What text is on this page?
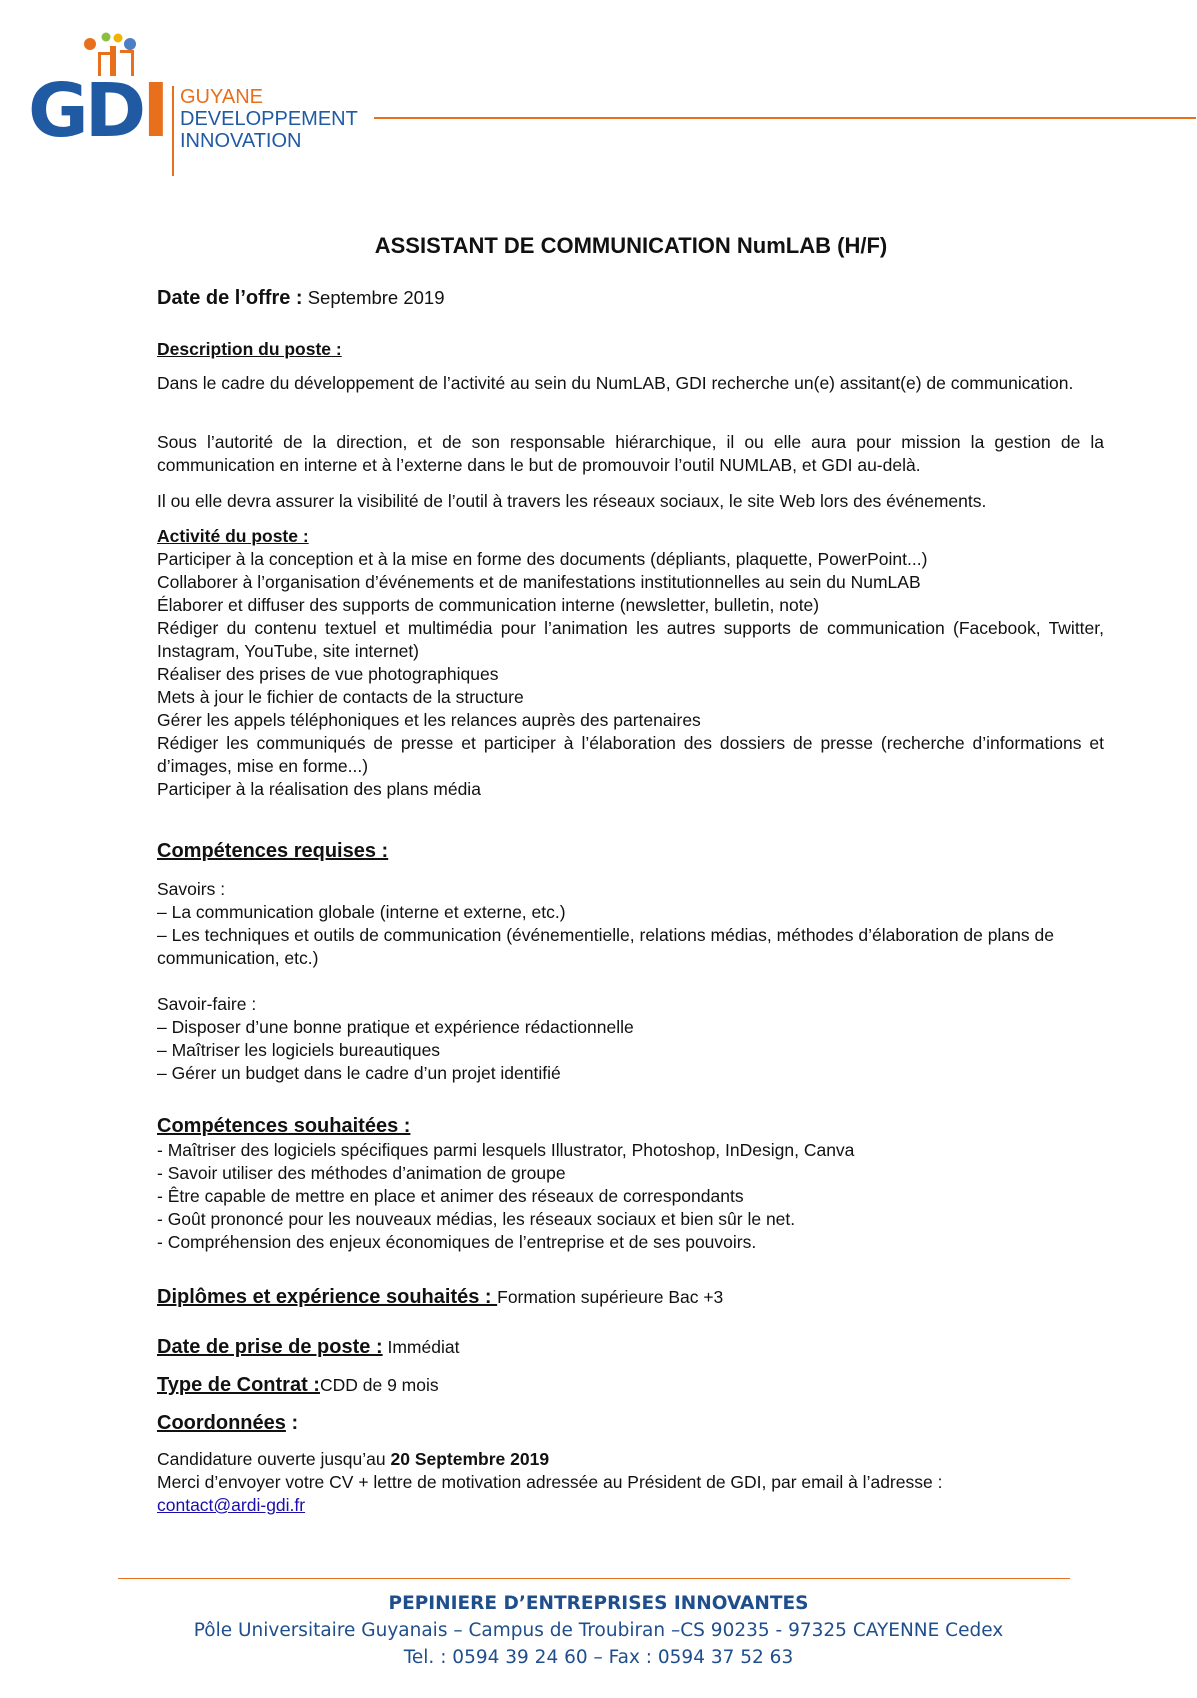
GDI GUYANE
DEVELOPPEMENT
INNOVATION
ASSISTANT DE COMMUNICATION NumLAB (H/F)
Date de l’offre : Septembre 2019
Description du poste :
Dans le cadre du développement de l’activité au sein du NumLAB, GDI recherche un(e) assitant(e) de communication.
Sous l’autorité de la direction, et de son responsable hiérarchique, il ou elle aura pour mission la gestion de la communication en interne et à l’externe dans le but de promouvoir l’outil NUMLAB, et GDI au-delà.
Il ou elle devra assurer la visibilité de l’outil à travers les réseaux sociaux, le site Web lors des événements.
Activité du poste :
Participer à la conception et à la mise en forme des documents (dépliants, plaquette, PowerPoint...)
Collaborer à l’organisation d’événements et de manifestations institutionnelles au sein du NumLAB
Élaborer et diffuser des supports de communication interne (newsletter, bulletin, note)
Rédiger du contenu textuel et multimédia pour l’animation les autres supports de communication (Facebook, Twitter, Instagram, YouTube, site internet)
Réaliser des prises de vue photographiques
Mets à jour le fichier de contacts de la structure
Gérer les appels téléphoniques et les relances auprès des partenaires
Rédiger les communiqués de presse et participer à l’élaboration des dossiers de presse (recherche d’informations et d’images, mise en forme...)
Participer à la réalisation des plans média
Compétences requises :
Savoirs :
– La communication globale (interne et externe, etc.)
– Les techniques et outils de communication (événementielle, relations médias, méthodes d’élaboration de plans de communication, etc.)
Savoir-faire :
– Disposer d’une bonne pratique et expérience rédactionnelle
– Maîtriser les logiciels bureautiques
– Gérer un budget dans le cadre d’un projet identifié
Compétences souhaitées :
- Maîtriser des logiciels spécifiques parmi lesquels Illustrator, Photoshop, InDesign, Canva
- Savoir utiliser des méthodes d’animation de groupe
- Être capable de mettre en place et animer des réseaux de correspondants
- Goût prononcé pour les nouveaux médias, les réseaux sociaux et bien sûr le net.
- Compréhension des enjeux économiques de l’entreprise et de ses pouvoirs.
Diplômes et expérience souhaités : Formation supérieure Bac +3
Date de prise de poste : Immédiat
Type de Contrat :CDD de 9 mois
Coordonnées :
Candidature ouverte jusqu’au 20 Septembre 2019
Merci d’envoyer votre CV + lettre de motivation adressée au Président de GDI, par email à l’adresse :
contact@ardi-gdi.fr
PEPINIERE D’ENTREPRISES INNOVANTES
Pôle Universitaire Guyanais – Campus de Troubiran –CS 90235 - 97325 CAYENNE Cedex
Tel. : 0594 39 24 60 – Fax : 0594 37 52 63
